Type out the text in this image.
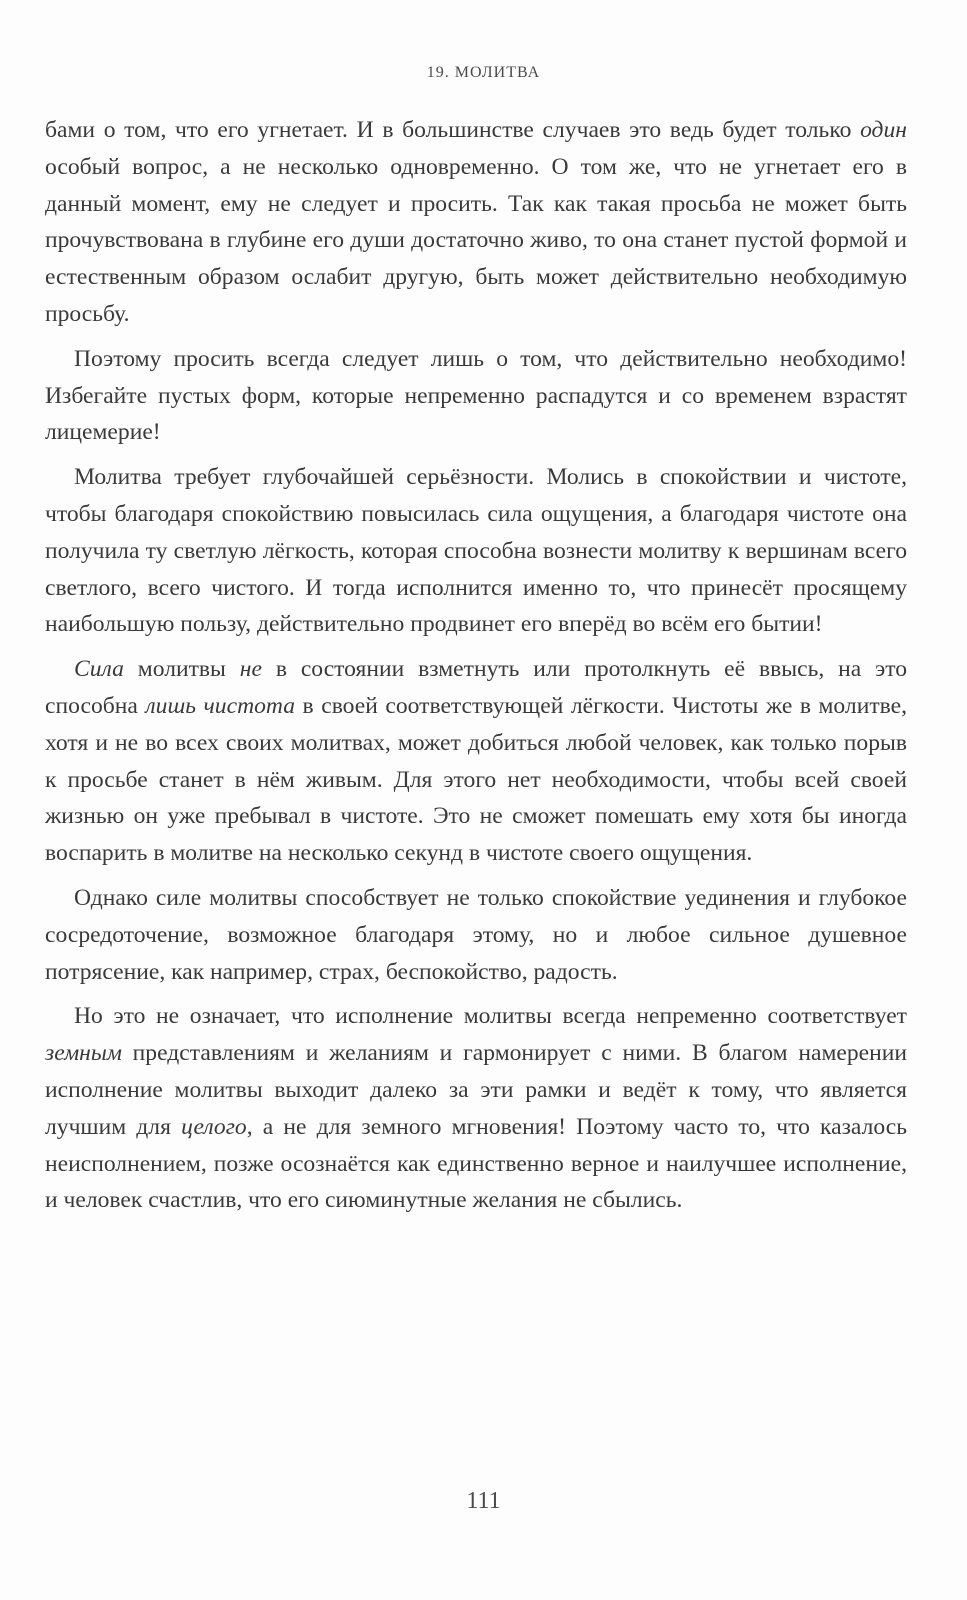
19. МОЛИТВА

бами о том, что его угнетает. И в большинстве случаев это ведь будет только один особый вопрос, а не несколько одновременно. О том же, что не угнетает его в данный момент, ему не следует и просить. Так как такая просьба не может быть прочувствована в глубине его души достаточно живо, то она станет пустой формой и естественным образом ослабит другую, быть может действительно необходимую просьбу.

Поэтому просить всегда следует лишь о том, что действительно необходимо! Избегайте пустых форм, которые непременно распадутся и со временем взрастят лицемерие!

Молитва требует глубочайшей серьёзности. Молись в спокойствии и чистоте, чтобы благодаря спокойствию повысилась сила ощущения, а благодаря чистоте она получила ту светлую лёгкость, которая способна вознести молитву к вершинам всего светлого, всего чистого. И тогда исполнится именно то, что принесёт просящему наибольшую пользу, действительно продвинет его вперёд во всём его бытии!

Сила молитвы не в состоянии взметнуть или протолкнуть её ввысь, на это способна лишь чистота в своей соответствующей лёгкости. Чистоты же в молитве, хотя и не во всех своих молитвах, может добиться любой человек, как только порыв к просьбе станет в нём живым. Для этого нет необходимости, чтобы всей своей жизнью он уже пребывал в чистоте. Это не сможет помешать ему хотя бы иногда воспарить в молитве на несколько секунд в чистоте своего ощущения.

Однако силе молитвы способствует не только спокойствие уединения и глубокое сосредоточение, возможное благодаря этому, но и любое сильное душевное потрясение, как например, страх, беспокойство, радость.

Но это не означает, что исполнение молитвы всегда непременно соответствует земным представлениям и желаниям и гармонирует с ними. В благом намерении исполнение молитвы выходит далеко за эти рамки и ведёт к тому, что является лучшим для целого, а не для земного мгновения! Поэтому часто то, что казалось неисполнением, позже осознаётся как единственно верное и наилучшее исполнение, и человек счастлив, что его сиюминутные желания не сбылись.

111
